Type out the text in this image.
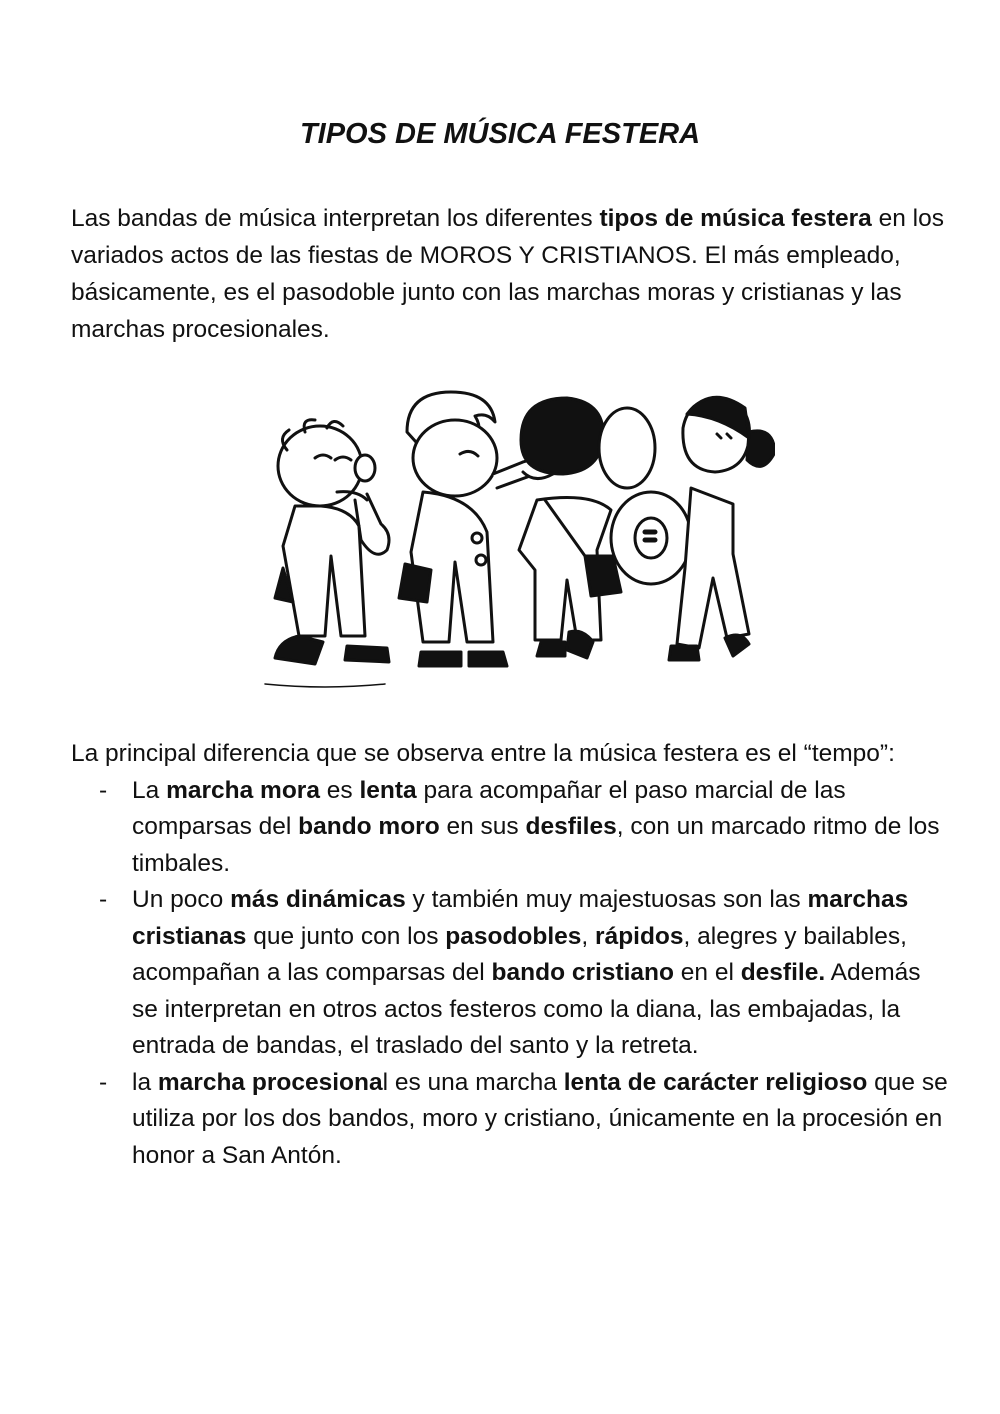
TIPOS DE MÚSICA FESTERA

Las bandas de música interpretan los diferentes tipos de música festera en los variados actos de las fiestas de MOROS Y CRISTIANOS. El más empleado, básicamente, es el pasodoble junto con las marchas moras y cristianas y las marchas procesionales.

La principal diferencia que se observa entre la música festera es el “tempo”:

- La marcha mora es lenta para acompañar el paso marcial de las comparsas del bando moro en sus desfiles, con un marcado ritmo de los timbales.
- Un poco más dinámicas y también muy majestuosas son las marchas cristianas que junto con los pasodobles, rápidos, alegres y bailables, acompañan a las comparsas del bando cristiano en el desfile. Además se interpretan en otros actos festeros como la diana, las embajadas, la entrada de bandas, el traslado del santo y la retreta.
- la marcha procesional es una marcha lenta de carácter religioso que se utiliza por los dos bandos, moro y cristiano, únicamente en la procesión en honor a San Antón.
